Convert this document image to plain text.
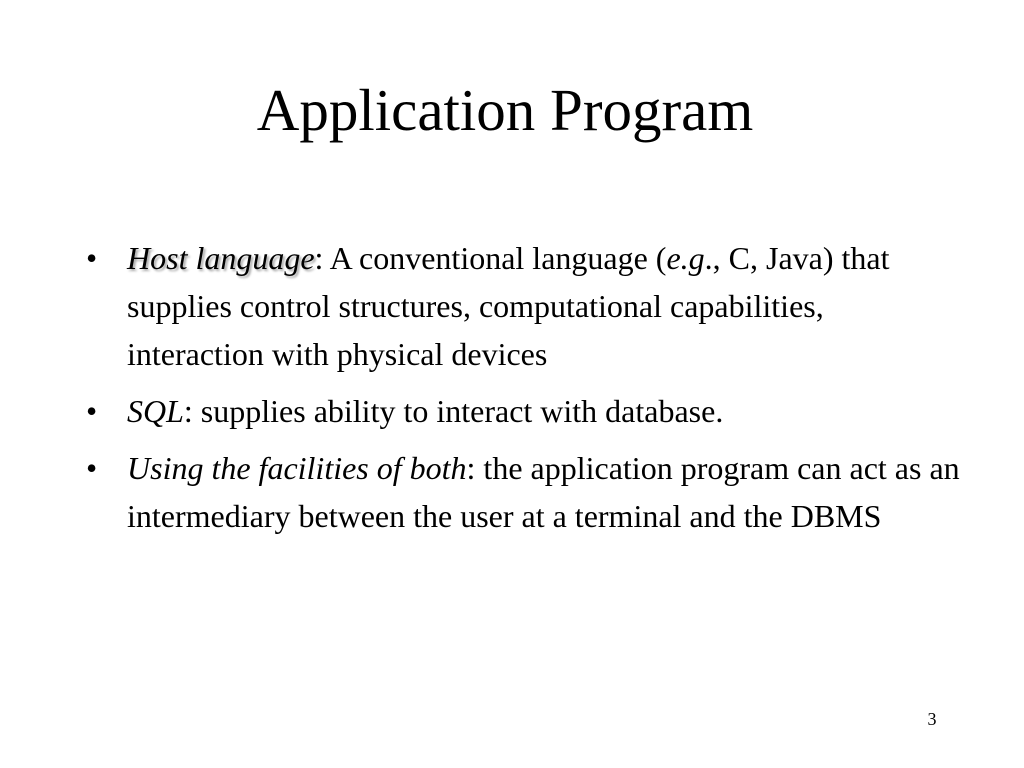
Application Program
• Host language: A conventional language (e.g., C, Java) that supplies control structures, computational capabilities, interaction with physical devices
• SQL: supplies ability to interact with database.
• Using the facilities of both: the application program can act as an intermediary between the user at a terminal and the DBMS
3
